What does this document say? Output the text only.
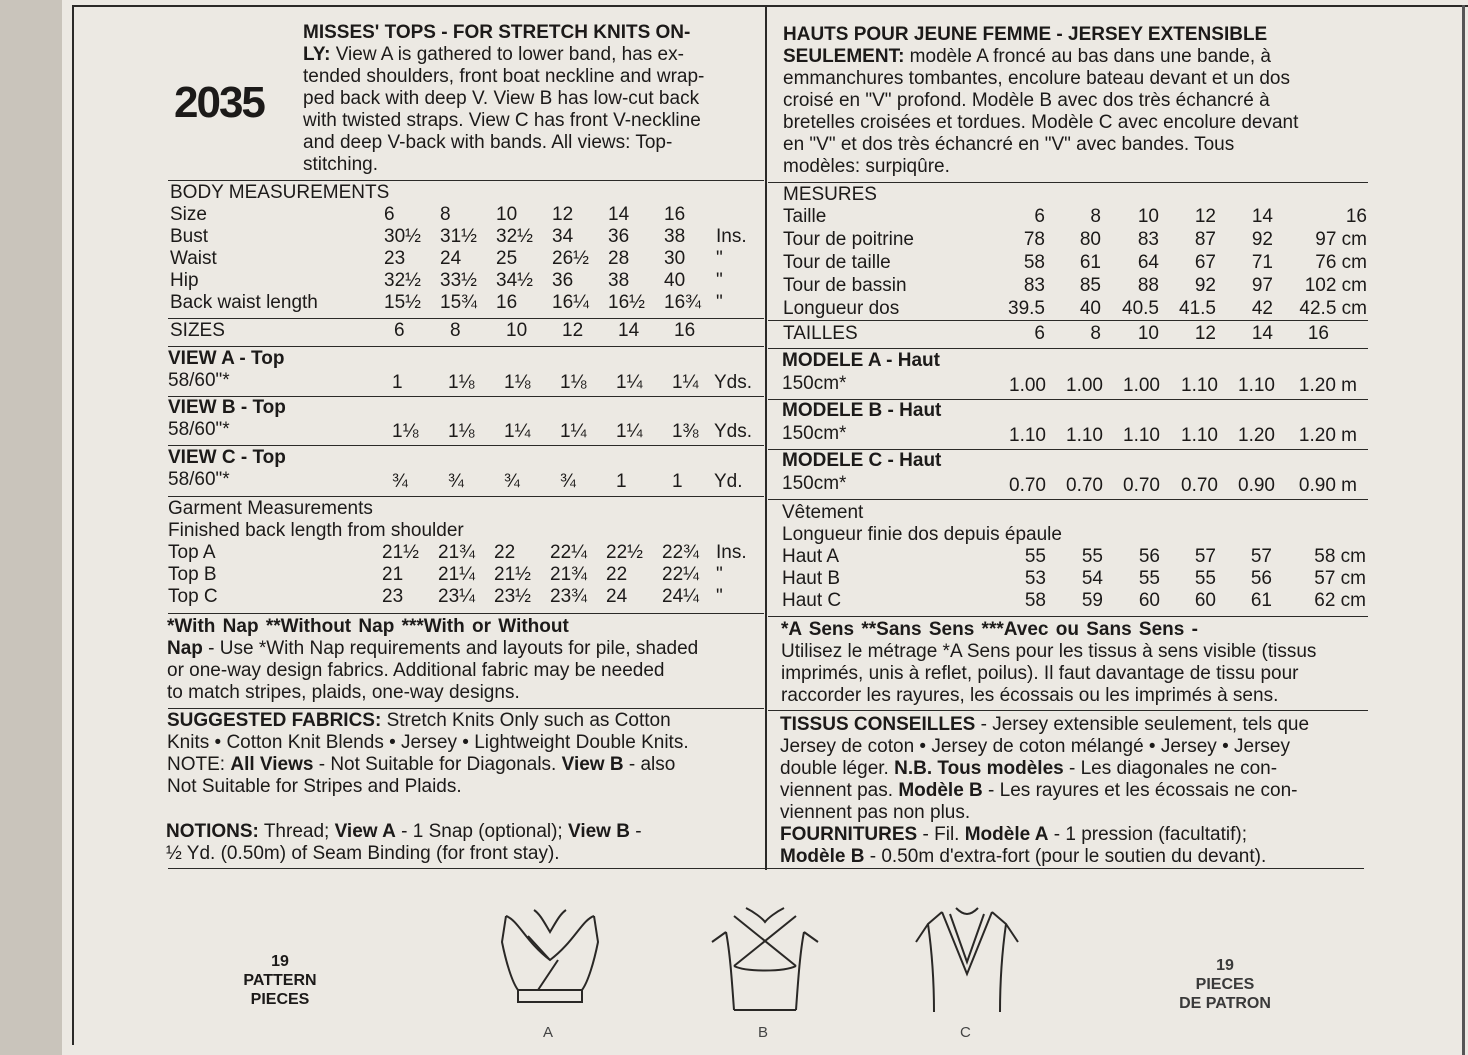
2035
MISSES' TOPS - FOR STRETCH KNITS ON-
LY: View A is gathered to lower band, has ex-
tended shoulders, front boat neckline and wrap-
ped back with deep V. View B has low-cut back
with twisted straps. View C has front V-neckline
and deep V-back with bands. All views: Top-
stitching.
BODY MEASUREMENTS
Size	6 8 10 12 14 16
Bust	30½ 31½ 32½ 34 36 38 Ins.
Waist	23 24 25 26½ 28 30 "
Hip	32½ 33½ 34½ 36 38 40 "
Back waist length	15½ 15¾ 16 16¼ 16½ 16¾ "
SIZES	6 8 10 12 14 16
VIEW A - Top
58/60"*	1 1⅛ 1⅛ 1⅛ 1¼ 1¼ Yds.
VIEW B - Top
58/60"*	1⅛ 1⅛ 1¼ 1¼ 1¼ 1⅜ Yds.
VIEW C - Top
58/60"*	¾ ¾ ¾ ¾ 1 1 Yd.
Garment Measurements
Finished back length from shoulder
Top A	21½ 21¾ 22 22¼ 22½ 22¾ Ins.
Top B	21 21¼ 21½ 21¾ 22 22¼ "
Top C	23 23¼ 23½ 23¾ 24 24¼ "
*With Nap **Without Nap ***With or Without
Nap - Use *With Nap requirements and layouts for pile, shaded
or one-way design fabrics. Additional fabric may be needed
to match stripes, plaids, one-way designs.
SUGGESTED FABRICS: Stretch Knits Only such as Cotton
Knits • Cotton Knit Blends • Jersey • Lightweight Double Knits.
NOTE: All Views - Not Suitable for Diagonals. View B - also
Not Suitable for Stripes and Plaids.
NOTIONS: Thread; View A - 1 Snap (optional); View B -
½ Yd. (0.50m) of Seam Binding (for front stay).
HAUTS POUR JEUNE FEMME - JERSEY EXTENSIBLE
SEULEMENT: modèle A froncé au bas dans une bande, à
emmanchures tombantes, encolure bateau devant et un dos
croisé en "V" profond. Modèle B avec dos très échancré à
bretelles croisées et tordues. Modèle C avec encolure devant
en "V" et dos très échancré en "V" avec bandes. Tous
modèles: surpiqûre.
MESURES
Taille	6	8	10	12	14	16
Tour de poitrine	78	80	83	87	92	97 cm
Tour de taille	58	61	64	67	71	76 cm
Tour de bassin	83	85	88	92	97	102 cm
Longueur dos	39.5	40	40.5	41.5	42 42.5 cm
TAILLES	6	8	10	12	14	16
MODELE A - Haut
150cm*	1.00	1.00	1.00	1.10	1.10	1.20 m
MODELE B - Haut
150cm*	1.10	1.10	1.10	1.10	1.20	1.20 m
MODELE C - Haut
150cm*	0.70	0.70	0.70	0.70	0.90	0.90 m
Vêtement
Longueur finie dos depuis épaule
Haut A	55	55	56	57	57	58 cm
Haut B	53	54	55	55	56	57 cm
Haut C	58	59	60	60	61	62 cm
*A Sens **Sans Sens ***Avec ou Sans Sens -
Utilisez le métrage *A Sens pour les tissus à sens visible (tissus
imprimés, unis à reflet, poilus). Il faut davantage de tissu pour
raccorder les rayures, les écossais ou les imprimés à sens.
TISSUS CONSEILLES - Jersey extensible seulement, tels que
Jersey de coton • Jersey de coton mélangé • Jersey • Jersey
double léger. N.B. Tous modèles - Les diagonales ne con-
viennent pas. Modèle B - Les rayures et les écossais ne con-
viennent pas non plus.
FOURNITURES - Fil. Modèle A - 1 pression (facultatif);
Modèle B - 0.50m d'extra-fort (pour le soutien du devant).
19
PATTERN
PIECES
19
PIECES
DE PATRON
A	B	C
